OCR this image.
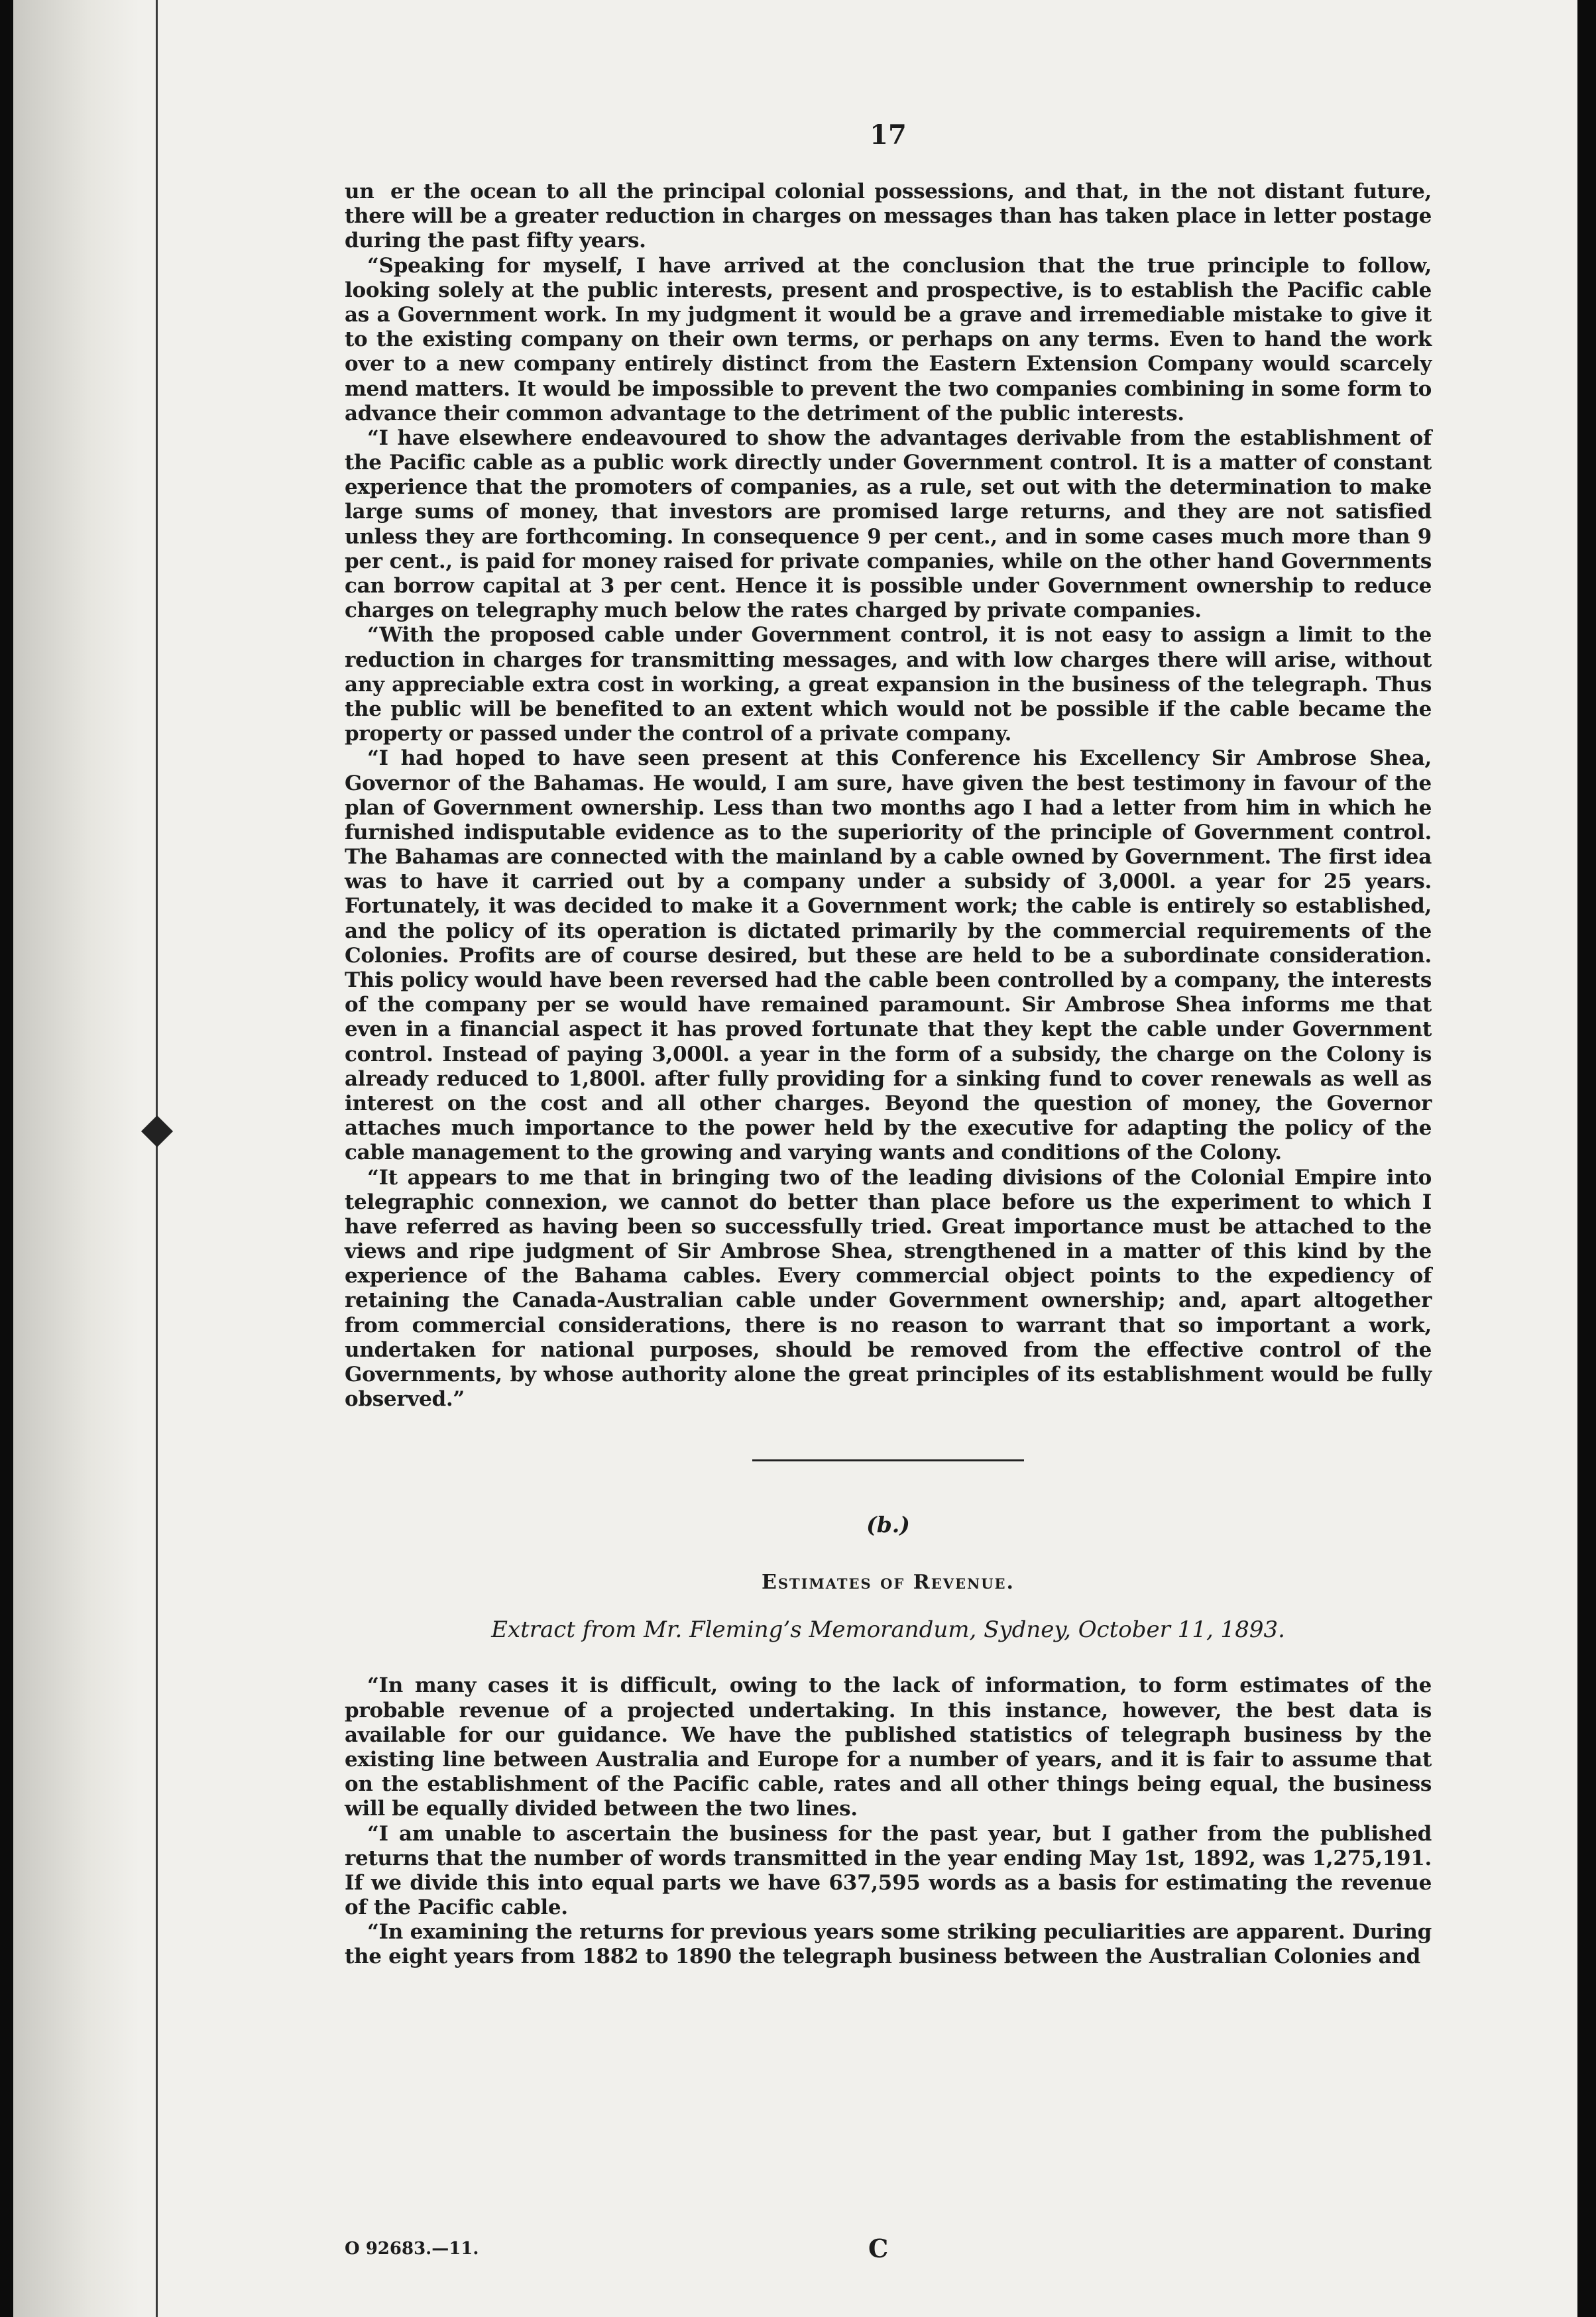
17

uner the ocean to all the principal colonial possessions, and that, in the not distant future, there will be a greater reduction in charges on messages than has taken place in letter postage during the past fifty years.

“Speaking for myself, I have arrived at the conclusion that the true principle to follow, looking solely at the public interests, present and prospective, is to establish the Pacific cable as a Government work. In my judgment it would be a grave and irremediable mistake to give it to the existing company on their own terms, or perhaps on any terms. Even to hand the work over to a new company entirely distinct from the Eastern Extension Company would scarcely mend matters. It would be impossible to prevent the two companies combining in some form to advance their common advantage to the detriment of the public interests.

“I have elsewhere endeavoured to show the advantages derivable from the establishment of the Pacific cable as a public work directly under Government control. It is a matter of constant experience that the promoters of companies, as a rule, set out with the determination to make large sums of money, that investors are promised large returns, and they are not satisfied unless they are forthcoming. In consequence 9 per cent., and in some cases much more than 9 per cent., is paid for money raised for private companies, while on the other hand Governments can borrow capital at 3 per cent. Hence it is possible under Government ownership to reduce charges on telegraphy much below the rates charged by private companies.

“With the proposed cable under Government control, it is not easy to assign a limit to the reduction in charges for transmitting messages, and with low charges there will arise, without any appreciable extra cost in working, a great expansion in the business of the telegraph. Thus the public will be benefited to an extent which would not be possible if the cable became the property or passed under the control of a private company.

“I had hoped to have seen present at this Conference his Excellency Sir Ambrose Shea, Governor of the Bahamas. He would, I am sure, have given the best testimony in favour of the plan of Government ownership. Less than two months ago I had a letter from him in which he furnished indisputable evidence as to the superiority of the principle of Government control. The Bahamas are connected with the mainland by a cable owned by Government. The first idea was to have it carried out by a company under a subsidy of 3,000l. a year for 25 years. Fortunately, it was decided to make it a Government work; the cable is entirely so established, and the policy of its operation is dictated primarily by the commercial requirements of the Colonies. Profits are of course desired, but these are held to be a subordinate consideration. This policy would have been reversed had the cable been controlled by a company, the interests of the company per se would have remained paramount. Sir Ambrose Shea informs me that even in a financial aspect it has proved fortunate that they kept the cable under Government control. Instead of paying 3,000l. a year in the form of a subsidy, the charge on the Colony is already reduced to 1,800l. after fully providing for a sinking fund to cover renewals as well as interest on the cost and all other charges. Beyond the question of money, the Governor attaches much importance to the power held by the executive for adapting the policy of the cable management to the growing and varying wants and conditions of the Colony.

“It appears to me that in bringing two of the leading divisions of the Colonial Empire into telegraphic connexion, we cannot do better than place before us the experiment to which I have referred as having been so successfully tried. Great importance must be attached to the views and ripe judgment of Sir Ambrose Shea, strengthened in a matter of this kind by the experience of the Bahama cables. Every commercial object points to the expediency of retaining the Canada-Australian cable under Government ownership; and, apart altogether from commercial considerations, there is no reason to warrant that so important a work, undertaken for national purposes, should be removed from the effective control of the Governments, by whose authority alone the great principles of its establishment would be fully observed.”

(b.)
Estimates of Revenue.
Extract from Mr. Fleming’s Memorandum, Sydney, October 11, 1893.

“In many cases it is difficult, owing to the lack of information, to form estimates of the probable revenue of a projected undertaking. In this instance, however, the best data is available for our guidance. We have the published statistics of telegraph business by the existing line between Australia and Europe for a number of years, and it is fair to assume that on the establishment of the Pacific cable, rates and all other things being equal, the business will be equally divided between the two lines.

“I am unable to ascertain the business for the past year, but I gather from the published returns that the number of words transmitted in the year ending May 1st, 1892, was 1,275,191. If we divide this into equal parts we have 637,595 words as a basis for estimating the revenue of the Pacific cable.

“In examining the returns for previous years some striking peculiarities are apparent. During the eight years from 1882 to 1890 the telegraph business between the Australian Colonies and

O 92683.—11.	C
